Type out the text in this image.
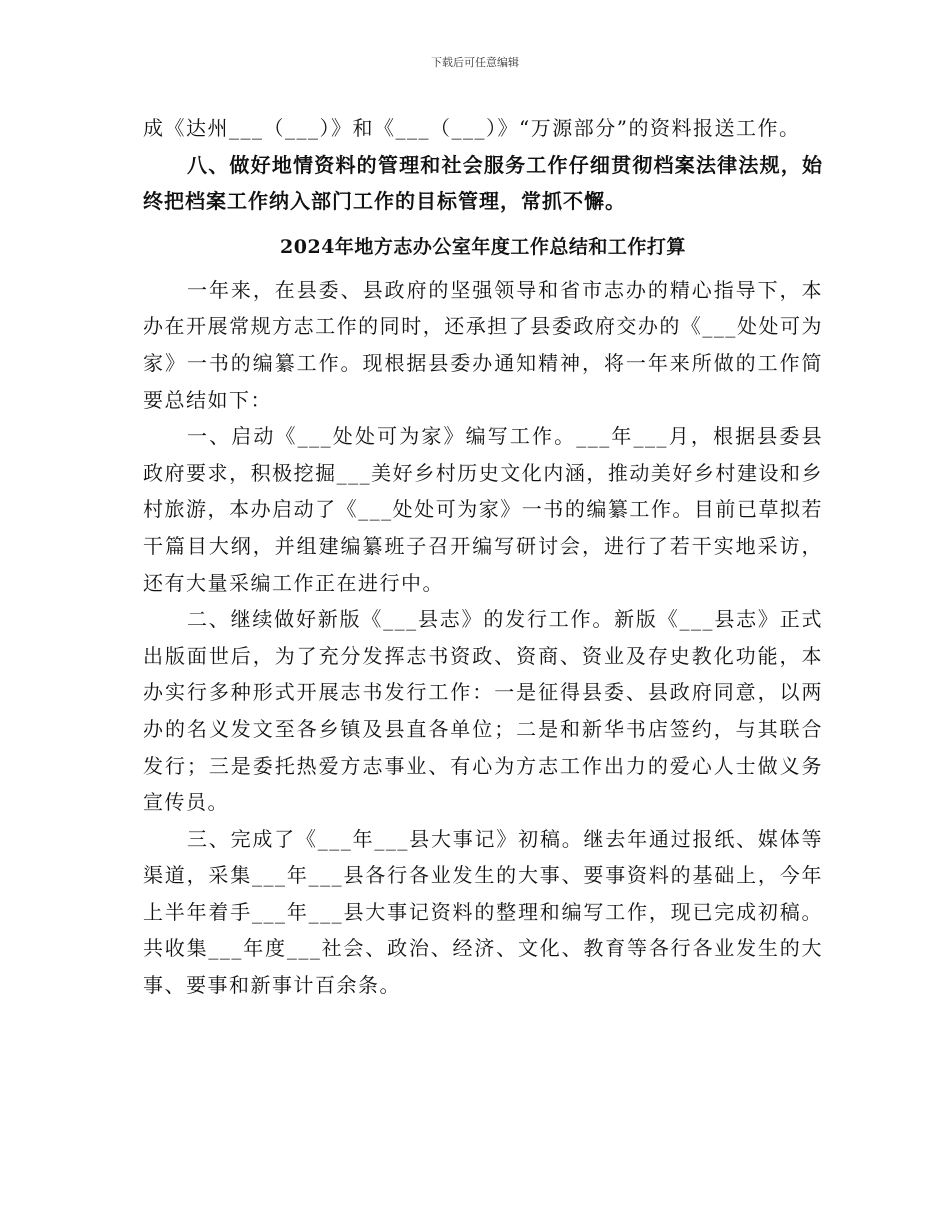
下载后可任意编辑

成《达州___（___）》和《___（___）》“万源部分”的资料报送工作。

八、做好地情资料的管理和社会服务工作仔细贯彻档案法律法规，始终把档案工作纳入部门工作的目标管理，常抓不懈。

2024年地方志办公室年度工作总结和工作打算

一年来，在县委、县政府的坚强领导和省市志办的精心指导下，本办在开展常规方志工作的同时，还承担了县委政府交办的《___处处可为家》一书的编纂工作。现根据县委办通知精神，将一年来所做的工作简要总结如下：

一、启动《___处处可为家》编写工作。___年___月，根据县委县政府要求，积极挖掘___美好乡村历史文化内涵，推动美好乡村建设和乡村旅游，本办启动了《___处处可为家》一书的编纂工作。目前已草拟若干篇目大纲，并组建编纂班子召开编写研讨会，进行了若干实地采访，还有大量采编工作正在进行中。

二、继续做好新版《___县志》的发行工作。新版《___县志》正式出版面世后，为了充分发挥志书资政、资商、资业及存史教化功能，本办实行多种形式开展志书发行工作：一是征得县委、县政府同意，以两办的名义发文至各乡镇及县直各单位；二是和新华书店签约，与其联合发行；三是委托热爱方志事业、有心为方志工作出力的爱心人士做义务宣传员。

三、完成了《___年___县大事记》初稿。继去年通过报纸、媒体等渠道，采集___年___县各行各业发生的大事、要事资料的基础上，今年上半年着手___年___县大事记资料的整理和编写工作，现已完成初稿。共收集___年度___社会、政治、经济、文化、教育等各行各业发生的大事、要事和新事计百余条。
